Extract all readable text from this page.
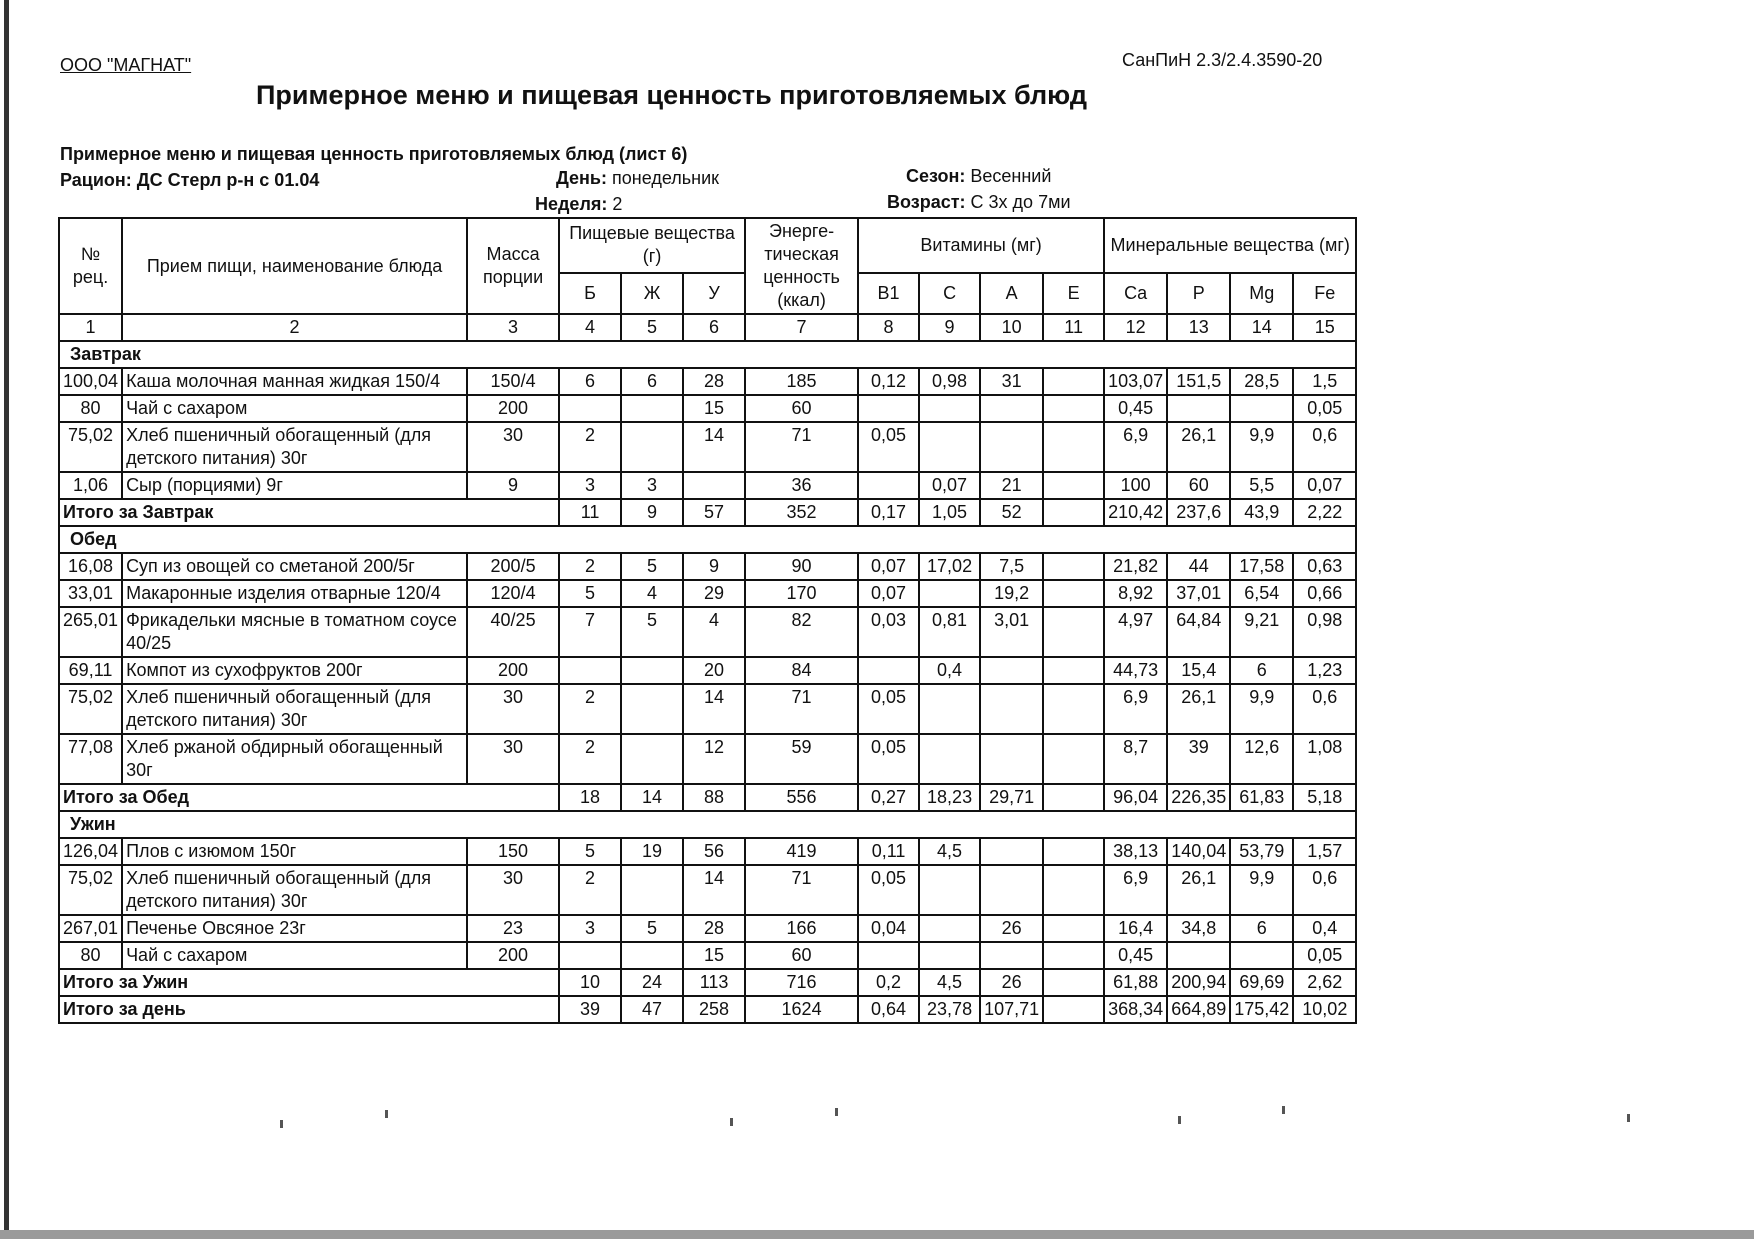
ООО "МАГНАТ"	СанПиН 2.3/2.4.3590-20
Примерное меню и пищевая ценность приготовляемых блюд
Примерное меню и пищевая ценность приготовляемых блюд (лист 6)
Рацион: ДС Стерл р-н с 01.04	День: понедельник	Сезон: Весенний
Неделя: 2	Возраст: С 3х до 7ми
№ рец.	Прием пищи, наименование блюда	Масса порции	Пищевые вещества (г)			Энерге-тическая ценность (ккал)	Витамины (мг)				Минеральные вещества (мг)			
			Б	Ж	У		B1	C	A	E	Ca	P	Mg	Fe
1	2	3	4	5	6	7	8	9	10	11	12	13	14	15
Завтрак														
100,04	Каша молочная манная жидкая 150/4	150/4	6	6	28	185	0,12	0,98	31		103,07	151,5	28,5	1,5
80	Чай с сахаром	200			15	60					0,45			0,05
75,02	Хлеб пшеничный обогащенный (для детского питания) 30г	30	2		14	71	0,05				6,9	26,1	9,9	0,6
1,06	Сыр (порциями) 9г	9	3	3		36		0,07	21		100	60	5,5	0,07
Итого за Завтрак			11	9	57	352	0,17	1,05	52		210,42	237,6	43,9	2,22
Обед														
16,08	Суп из овощей со сметаной 200/5г	200/5	2	5	9	90	0,07	17,02	7,5		21,82	44	17,58	0,63
33,01	Макаронные изделия отварные 120/4	120/4	5	4	29	170	0,07		19,2		8,92	37,01	6,54	0,66
265,01	Фрикадельки мясные в томатном соусе 40/25	40/25	7	5	4	82	0,03	0,81	3,01		4,97	64,84	9,21	0,98
69,11	Компот из сухофруктов 200г	200			20	84		0,4			44,73	15,4	6	1,23
75,02	Хлеб пшеничный обогащенный (для детского питания) 30г	30	2		14	71	0,05				6,9	26,1	9,9	0,6
77,08	Хлеб ржаной обдирный обогащенный 30г	30	2		12	59	0,05				8,7	39	12,6	1,08
Итого за Обед			18	14	88	556	0,27	18,23	29,71		96,04	226,35	61,83	5,18
Ужин														
126,04	Плов с изюмом 150г	150	5	19	56	419	0,11	4,5			38,13	140,04	53,79	1,57
75,02	Хлеб пшеничный обогащенный (для детского питания) 30г	30	2		14	71	0,05				6,9	26,1	9,9	0,6
267,01	Печенье Овсяное 23г	23	3	5	28	166	0,04		26		16,4	34,8	6	0,4
80	Чай с сахаром	200			15	60					0,45			0,05
Итого за Ужин			10	24	113	716	0,2	4,5	26		61,88	200,94	69,69	2,62
Итого за день			39	47	258	1624	0,64	23,78	107,71		368,34	664,89	175,42	10,02
